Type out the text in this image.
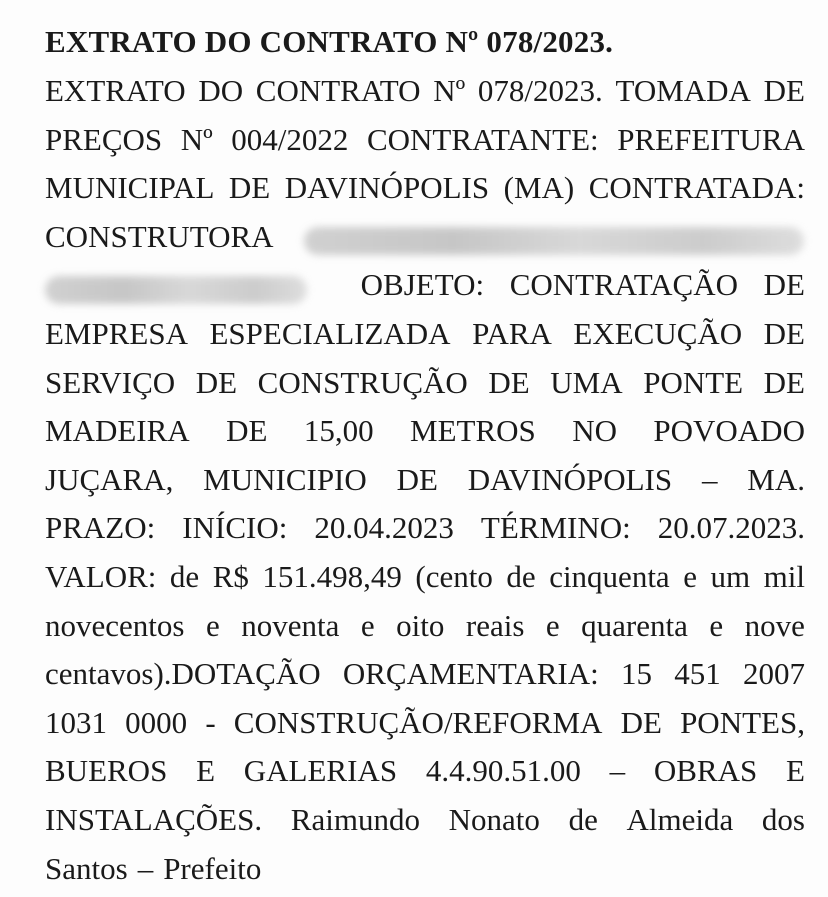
EXTRATO DO CONTRATO Nº 078/2023.
EXTRATO DO CONTRATO Nº 078/2023. TOMADA DE
PREÇOS Nº 004/2022 CONTRATANTE: PREFEITURA
MUNICIPAL DE DAVINÓPOLIS (MA) CONTRATADA:
CONSTRUTORA
OBJETO: CONTRATAÇÃO DE
EMPRESA ESPECIALIZADA PARA EXECUÇÃO DE
SERVIÇO DE CONSTRUÇÃO DE UMA PONTE DE
MADEIRA DE 15,00 METROS NO POVOADO
JUÇARA, MUNICIPIO DE DAVINÓPOLIS – MA.
PRAZO: INÍCIO: 20.04.2023 TÉRMINO: 20.07.2023.
VALOR: de R$ 151.498,49 (cento de cinquenta e um mil
novecentos e noventa e oito reais e quarenta e nove
centavos).DOTAÇÃO ORÇAMENTARIA: 15 451 2007
1031 0000 - CONSTRUÇÃO/REFORMA DE PONTES,
BUEROS E GALERIAS 4.4.90.51.00 – OBRAS E
INSTALAÇÕES. Raimundo Nonato de Almeida dos
Santos – Prefeito
